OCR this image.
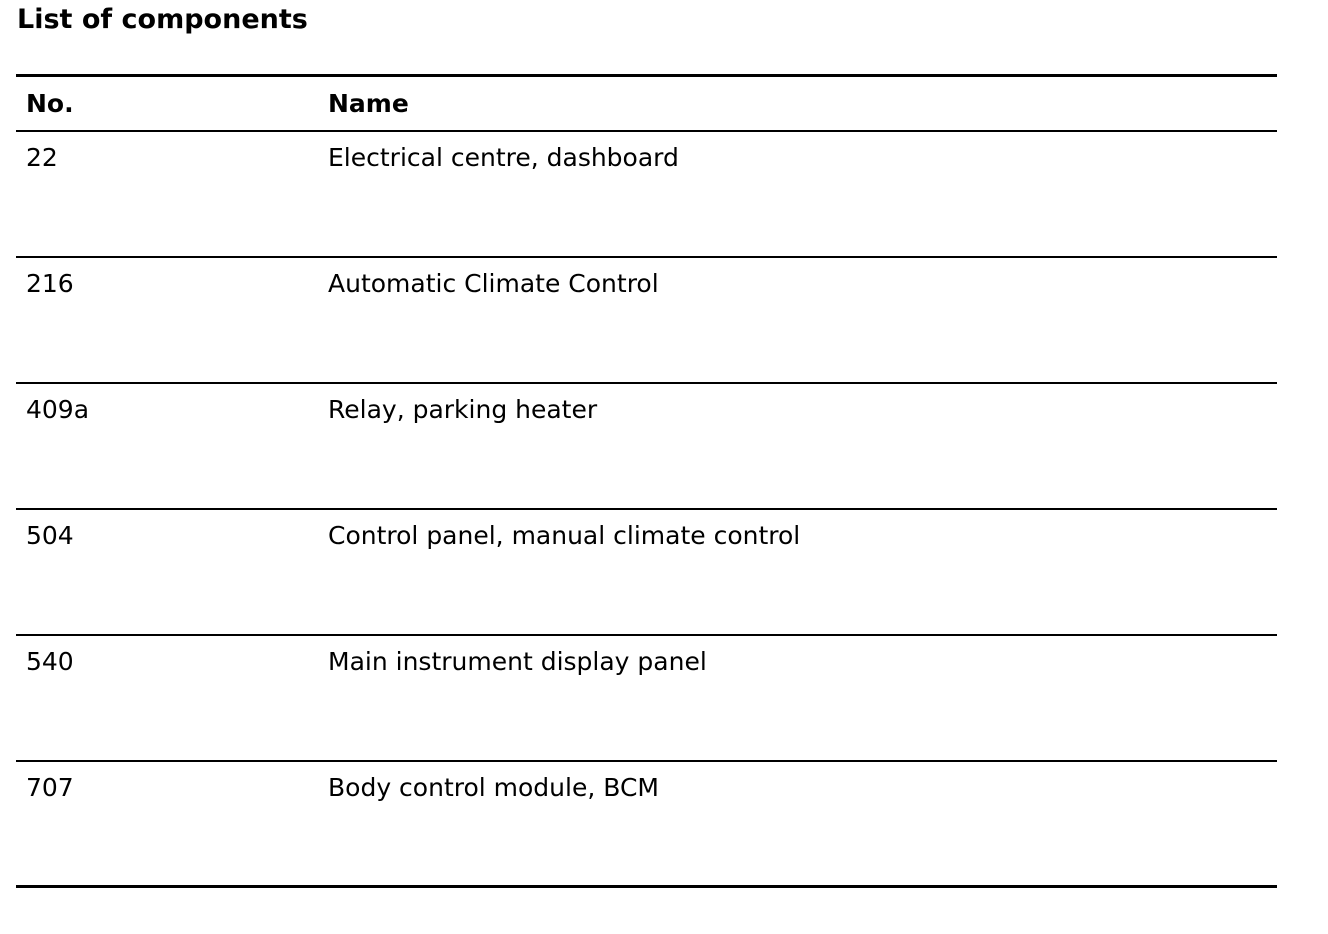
List of components
No.	Name
22	Electrical centre, dashboard
216	Automatic Climate Control
409a	Relay, parking heater
504	Control panel, manual climate control
540	Main instrument display panel
707	Body control module, BCM
